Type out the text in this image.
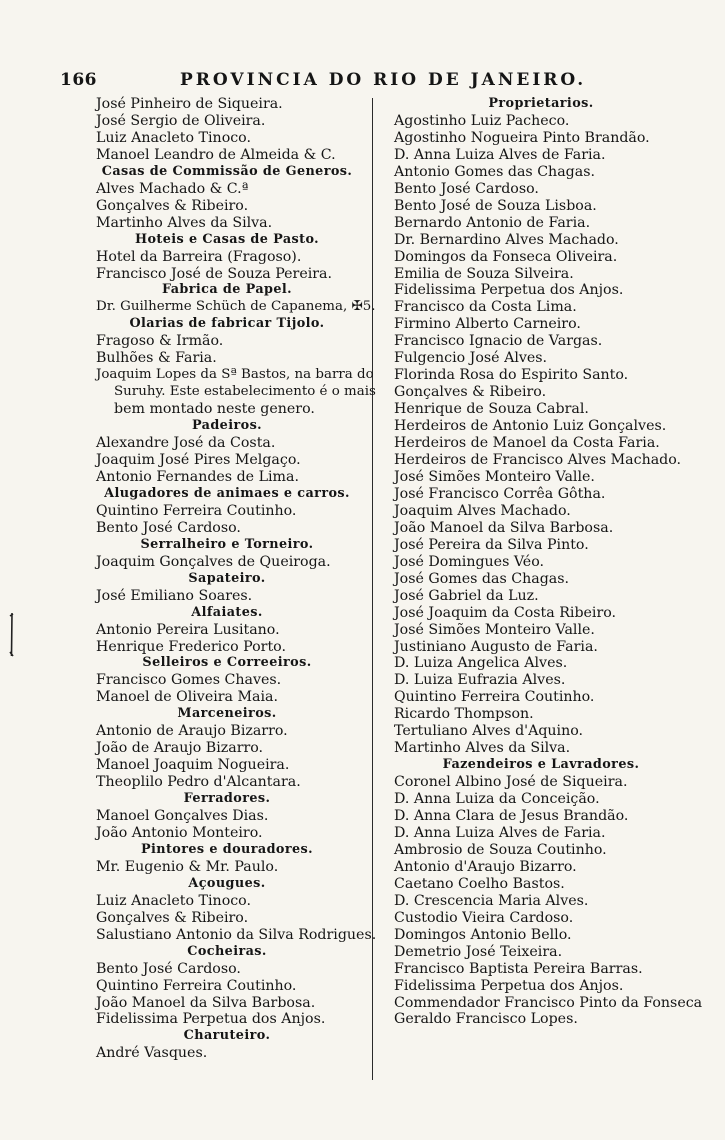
166	PROVINCIA DO RIO DE JANEIRO.
José Pinheiro de Siqueira.
José Sergio de Oliveira.
Luiz Anacleto Tinoco.
Manoel Leandro de Almeida & C.
Casas de Commissão de Generos.
Alves Machado & C.ª
Gonçalves & Ribeiro.
Martinho Alves da Silva.
Hoteis e Casas de Pasto.
Hotel da Barreira (Fragoso).
Francisco José de Souza Pereira.
Fabrica de Papel.
Dr. Guilherme Schüch de Capanema, ✠5.
Olarias de fabricar Tijolo.
Fragoso & Irmão.
Bulhões & Faria.
Joaquim Lopes da Sª Bastos, na barra do
Suruhy. Este estabelecimento é o mais
bem montado neste genero.
Padeiros.
Alexandre José da Costa.
Joaquim José Pires Melgaço.
Antonio Fernandes de Lima.
Alugadores de animaes e carros.
Quintino Ferreira Coutinho.
Bento José Cardoso.
Serralheiro e Torneiro.
Joaquim Gonçalves de Queiroga.
Sapateiro.
José Emiliano Soares.
Alfaiates.
Antonio Pereira Lusitano.
Henrique Frederico Porto.
Selleiros e Correeiros.
Francisco Gomes Chaves.
Manoel de Oliveira Maia.
Marceneiros.
Antonio de Araujo Bizarro.
João de Araujo Bizarro.
Manoel Joaquim Nogueira.
Theoplilo Pedro d'Alcantara.
Ferradores.
Manoel Gonçalves Dias.
João Antonio Monteiro.
Pintores e douradores.
Mr. Eugenio & Mr. Paulo.
Açougues.
Luiz Anacleto Tinoco.
Gonçalves & Ribeiro.
Salustiano Antonio da Silva Rodrigues.
Cocheiras.
Bento José Cardoso.
Quintino Ferreira Coutinho.
João Manoel da Silva Barbosa.
Fidelissima Perpetua dos Anjos.
Charuteiro.
André Vasques.
Proprietarios.
Agostinho Luiz Pacheco.
Agostinho Nogueira Pinto Brandão.
D. Anna Luiza Alves de Faria.
Antonio Gomes das Chagas.
Bento José Cardoso.
Bento José de Souza Lisboa.
Bernardo Antonio de Faria.
Dr. Bernardino Alves Machado.
Domingos da Fonseca Oliveira.
Emilia de Souza Silveira.
Fidelissima Perpetua dos Anjos.
Francisco da Costa Lima.
Firmino Alberto Carneiro.
Francisco Ignacio de Vargas.
Fulgencio José Alves.
Florinda Rosa do Espirito Santo.
Gonçalves & Ribeiro.
Henrique de Souza Cabral.
Herdeiros de Antonio Luiz Gonçalves.
Herdeiros de Manoel da Costa Faria.
Herdeiros de Francisco Alves Machado.
José Simões Monteiro Valle.
José Francisco Corrêa Gôtha.
Joaquim Alves Machado.
João Manoel da Silva Barbosa.
José Pereira da Silva Pinto.
José Domingues Véo.
José Gomes das Chagas.
José Gabriel da Luz.
José Joaquim da Costa Ribeiro.
José Simões Monteiro Valle.
Justiniano Augusto de Faria.
D. Luiza Angelica Alves.
D. Luiza Eufrazia Alves.
Quintino Ferreira Coutinho.
Ricardo Thompson.
Tertuliano Alves d'Aquino.
Martinho Alves da Silva.
Fazendeiros e Lavradores.
Coronel Albino José de Siqueira.
D. Anna Luiza da Conceição.
D. Anna Clara de Jesus Brandão.
D. Anna Luiza Alves de Faria.
Ambrosio de Souza Coutinho.
Antonio d'Araujo Bizarro.
Caetano Coelho Bastos.
D. Crescencia Maria Alves.
Custodio Vieira Cardoso.
Domingos Antonio Bello.
Demetrio José Teixeira.
Francisco Baptista Pereira Barras.
Fidelissima Perpetua dos Anjos.
Commendador Francisco Pinto da Fonseca
Geraldo Francisco Lopes.
